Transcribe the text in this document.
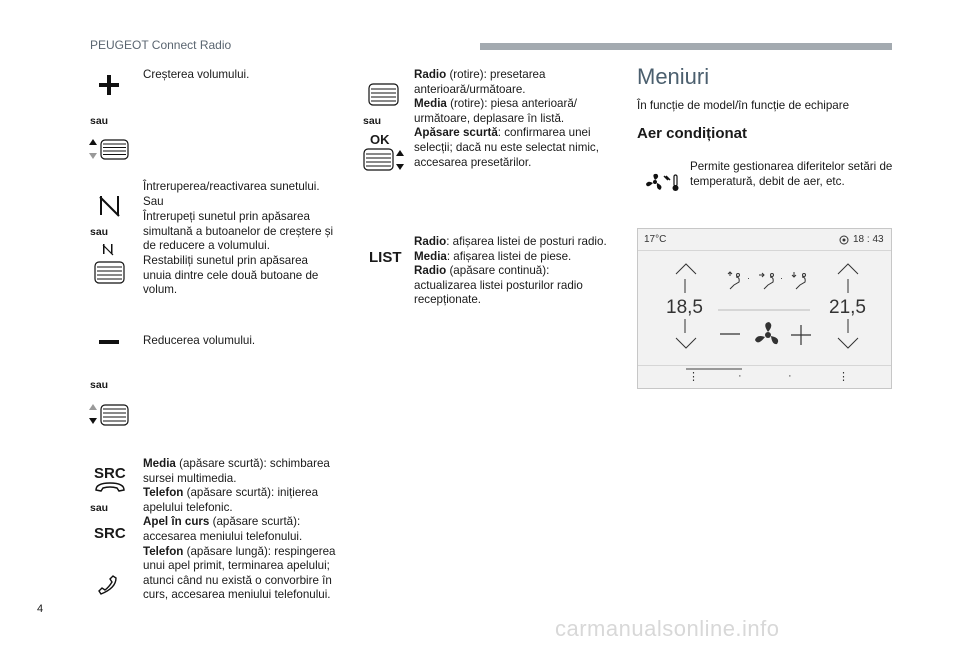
PEUGEOT Connect Radio
Creșterea volumului.
sau
Întreruperea/reactivarea sunetului.
Sau
Întrerupeți sunetul prin apăsarea simultană a butoanelor de creștere și de reducere a volumului.
Restabiliți sunetul prin apăsarea unuia dintre cele două butoane de volum.
sau
Reducerea volumului.
sau
SRC
sau
SRC
Media (apăsare scurtă): schimbarea sursei multimedia.
Telefon (apăsare scurtă): inițierea apelului telefonic.
Apel în curs (apăsare scurtă): accesarea meniului telefonului.
Telefon (apăsare lungă): respingerea unui apel primit, terminarea apelului; atunci când nu există o convorbire în curs, accesarea meniului telefonului.
sau
OK
Radio (rotire): presetarea anterioară/următoare.
Media (rotire): piesa anterioară/ următoare, deplasare în listă.
Apăsare scurtă: confirmarea unei selecții; dacă nu este selectat nimic, accesarea presetărilor.
LIST
Radio: afișarea listei de posturi radio.
Media: afișarea listei de piese.
Radio (apăsare continuă): actualizarea listei posturilor radio recepționate.
Meniuri
În funcție de model/în funcție de echipare
Aer condiționat
Permite gestionarea diferitelor setări de temperatură, debit de aer, etc.
17°C	18 : 43
18,5	21,5
·	·
⋮	·	·	⋮
4
carmanualsonline.info
